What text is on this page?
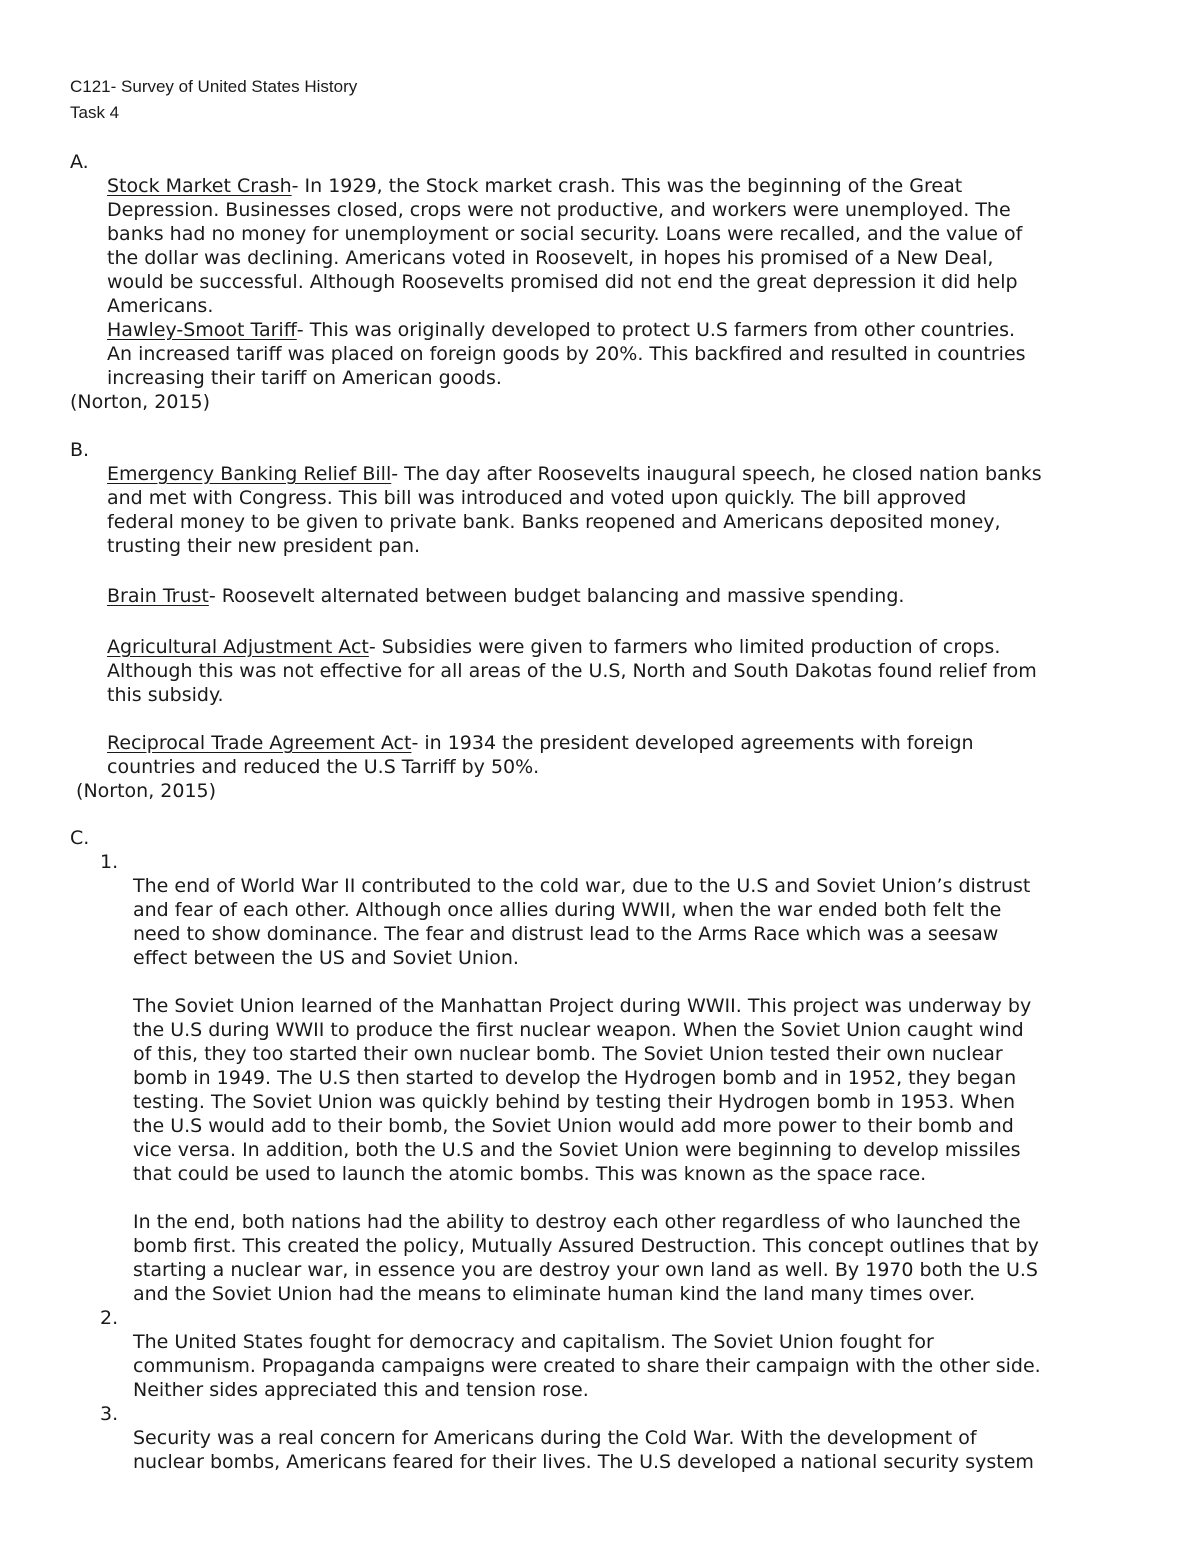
C121- Survey of United States History
Task 4
A.
Stock Market Crash- In 1929, the Stock market crash. This was the beginning of the Great
Depression. Businesses closed, crops were not productive, and workers were unemployed. The
banks had no money for unemployment or social security. Loans were recalled, and the value of
the dollar was declining. Americans voted in Roosevelt, in hopes his promised of a New Deal,
would be successful. Although Roosevelts promised did not end the great depression it did help
Americans.
Hawley-Smoot Tariff- This was originally developed to protect U.S farmers from other countries.
An increased tariff was placed on foreign goods by 20%. This backfired and resulted in countries
increasing their tariff on American goods.
(Norton, 2015)
B.
Emergency Banking Relief Bill- The day after Roosevelts inaugural speech, he closed nation banks
and met with Congress. This bill was introduced and voted upon quickly. The bill approved
federal money to be given to private bank. Banks reopened and Americans deposited money,
trusting their new president pan.
Brain Trust- Roosevelt alternated between budget balancing and massive spending.
Agricultural Adjustment Act- Subsidies were given to farmers who limited production of crops.
Although this was not effective for all areas of the U.S, North and South Dakotas found relief from
this subsidy.
Reciprocal Trade Agreement Act- in 1934 the president developed agreements with foreign
countries and reduced the U.S Tarriff by 50%.
(Norton, 2015)
C.
1.
The end of World War II contributed to the cold war, due to the U.S and Soviet Union’s distrust
and fear of each other. Although once allies during WWII, when the war ended both felt the
need to show dominance. The fear and distrust lead to the Arms Race which was a seesaw
effect between the US and Soviet Union.
The Soviet Union learned of the Manhattan Project during WWII. This project was underway by
the U.S during WWII to produce the first nuclear weapon. When the Soviet Union caught wind
of this, they too started their own nuclear bomb. The Soviet Union tested their own nuclear
bomb in 1949. The U.S then started to develop the Hydrogen bomb and in 1952, they began
testing. The Soviet Union was quickly behind by testing their Hydrogen bomb in 1953. When
the U.S would add to their bomb, the Soviet Union would add more power to their bomb and
vice versa. In addition, both the U.S and the Soviet Union were beginning to develop missiles
that could be used to launch the atomic bombs. This was known as the space race.
In the end, both nations had the ability to destroy each other regardless of who launched the
bomb first. This created the policy, Mutually Assured Destruction. This concept outlines that by
starting a nuclear war, in essence you are destroy your own land as well. By 1970 both the U.S
and the Soviet Union had the means to eliminate human kind the land many times over.
2.
The United States fought for democracy and capitalism. The Soviet Union fought for
communism. Propaganda campaigns were created to share their campaign with the other side.
Neither sides appreciated this and tension rose.
3.
Security was a real concern for Americans during the Cold War. With the development of
nuclear bombs, Americans feared for their lives. The U.S developed a national security system
